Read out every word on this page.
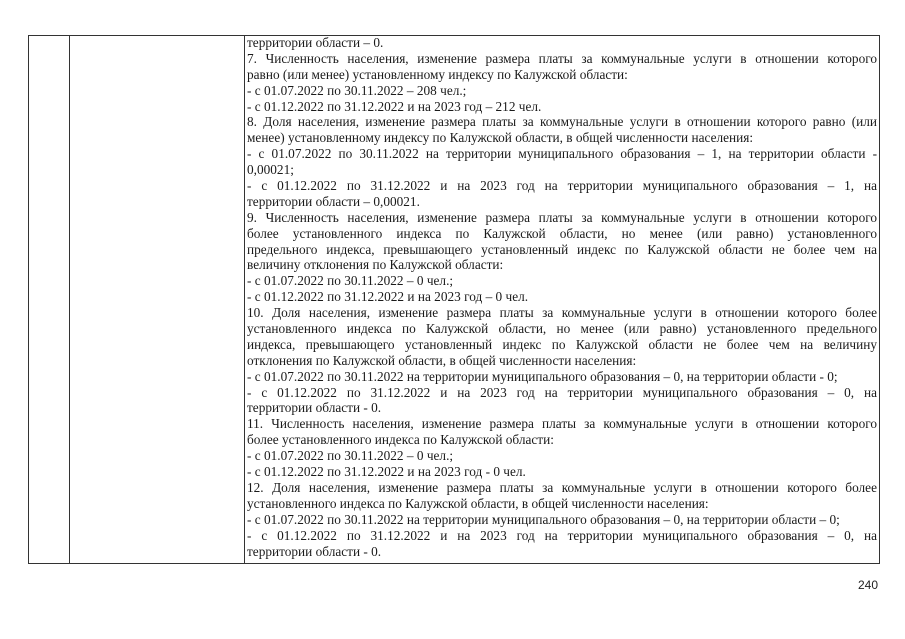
территории области – 0.
7. Численность населения, изменение размера платы за коммунальные услуги в отношении которого
равно (или менее) установленному индексу по Калужской области:
- с 01.07.2022 по 30.11.2022 – 208 чел.;
- с 01.12.2022 по 31.12.2022 и на 2023 год – 212 чел.
8. Доля населения, изменение размера платы за коммунальные услуги в отношении которого равно (или
менее) установленному индексу по Калужской области, в общей численности населения:
- с 01.07.2022 по 30.11.2022 на территории муниципального образования – 1, на территории области -
0,00021;
- с 01.12.2022 по 31.12.2022 и на 2023 год на территории муниципального образования – 1, на
территории области – 0,00021.
9. Численность населения, изменение размера платы за коммунальные услуги в отношении которого
более установленного индекса по Калужской области, но менее (или равно) установленного
предельного индекса, превышающего установленный индекс по Калужской области не более чем на
величину отклонения по Калужской области:
- с 01.07.2022 по 30.11.2022 – 0 чел.;
- с 01.12.2022 по 31.12.2022 и на 2023 год – 0 чел.
10. Доля населения, изменение размера платы за коммунальные услуги в отношении которого более
установленного индекса по Калужской области, но менее (или равно) установленного предельного
индекса, превышающего установленный индекс по Калужской области не более чем на величину
отклонения по Калужской области, в общей численности населения:
- с 01.07.2022 по 30.11.2022 на территории муниципального образования – 0, на территории области - 0;
- с 01.12.2022 по 31.12.2022 и на 2023 год на территории муниципального образования – 0, на
территории области - 0.
11. Численность населения, изменение размера платы за коммунальные услуги в отношении которого
более установленного индекса по Калужской области:
- с 01.07.2022 по 30.11.2022 – 0 чел.;
- с 01.12.2022 по 31.12.2022 и на 2023 год - 0 чел.
12. Доля населения, изменение размера платы за коммунальные услуги в отношении которого более
установленного индекса по Калужской области, в общей численности населения:
- с 01.07.2022 по 30.11.2022 на территории муниципального образования – 0, на территории области – 0;
- с 01.12.2022 по 31.12.2022 и на 2023 год на территории муниципального образования – 0, на
территории области - 0.
240
